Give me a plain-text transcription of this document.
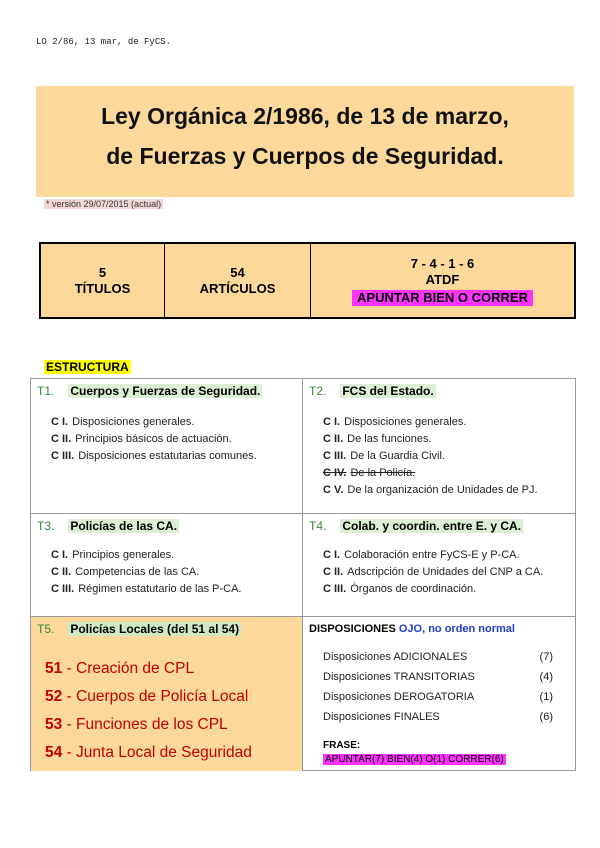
LO 2/86, 13 mar, de FyCS.
Ley Orgánica 2/1986, de 13 de marzo,
de Fuerzas y Cuerpos de Seguridad.
* versión 29/07/2015 (actual)
5
TÍTULOS
54
ARTÍCULOS
7 - 4 - 1 - 6
ATDF
APUNTAR BIEN O CORRER
ESTRUCTURA
T1. Cuerpos y Fuerzas de Seguridad.
C I. Disposiciones generales.
C II. Principios básicos de actuación.
C III. Disposiciones estatutarias comunes.
T2. FCS del Estado.
C I. Disposiciones generales.
C II. De las funciones.
C III. De la Guardia Civil.
C IV. De la Policía.
C V. De la organización de Unidades de PJ.
T3. Policías de las CA.
C I. Principios generales.
C II. Competencias de las CA.
C III. Régimen estatutario de las P-CA.
T4. Colab. y coordin. entre E. y CA.
C I. Colaboración entre FyCS-E y P-CA.
C II. Adscripción de Unidades del CNP a CA.
C III. Órganos de coordinación.
T5. Policías Locales (del 51 al 54)
51 - Creación de CPL
52 - Cuerpos de Policía Local
53 - Funciones de los CPL
54 - Junta Local de Seguridad
DISPOSICIONES OJO, no orden normal
Disposiciones ADICIONALES	(7)
Disposiciones TRANSITORIAS	(4)
Disposiciones DEROGATORIA	(1)
Disposiciones FINALES	(6)
FRASE:
APUNTAR(7) BIEN(4) O(1) CORRER(6)
